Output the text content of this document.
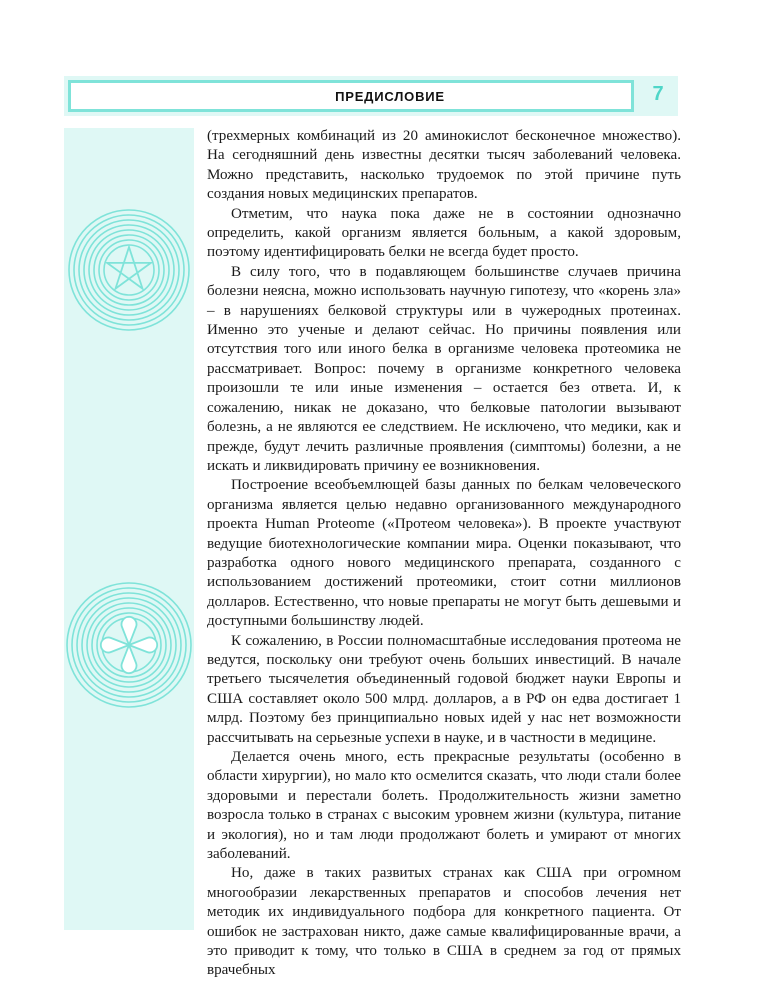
ПРЕДИСЛОВИЕ	7

(трехмерных комбинаций из 20 аминокислот бесконечное множество). На сегодняшний день известны десятки тысяч заболеваний человека. Можно представить, насколько трудоемок по этой причине путь создания новых медицинских препаратов.

Отметим, что наука пока даже не в состоянии однозначно определить, какой организм является больным, а какой здоровым, поэтому идентифицировать белки не всегда будет просто.

В силу того, что в подавляющем большинстве случаев причина болезни неясна, можно использовать научную гипотезу, что «корень зла» – в нарушениях белковой структуры или в чужеродных протеинах. Именно это ученые и делают сейчас. Но причины появления или отсутствия того или иного белка в организме человека протеомика не рассматривает. Вопрос: почему в организме конкретного человека произошли те или иные изменения – остается без ответа. И, к сожалению, никак не доказано, что белковые патологии вызывают болезнь, а не являются ее следствием. Не исключено, что медики, как и прежде, будут лечить различные проявления (симптомы) болезни, а не искать и ликвидировать причину ее возникновения.

Построение всеобъемлющей базы данных по белкам человеческого организма является целью недавно организованного международного проекта Human Proteome («Протеом человека»). В проекте участвуют ведущие биотехнологические компании мира. Оценки показывают, что разработка одного нового медицинского препарата, созданного с использованием достижений протеомики, стоит сотни миллионов долларов. Естественно, что новые препараты не могут быть дешевыми и доступными большинству людей.

К сожалению, в России полномасштабные исследования протеома не ведутся, поскольку они требуют очень больших инвестиций. В начале третьего тысячелетия объединенный годовой бюджет науки Европы и США составляет около 500 млрд. долларов, а в РФ он едва достигает 1 млрд. Поэтому без принципиально новых идей у нас нет возможности рассчитывать на серьезные успехи в науке, и в частности в медицине.

Делается очень много, есть прекрасные результаты (особенно в области хирургии), но мало кто осмелится сказать, что люди стали более здоровыми и перестали болеть. Продолжительность жизни заметно возросла только в странах с высоким уровнем жизни (культура, питание и экология), но и там люди продолжают болеть и умирают от многих заболеваний.

Но, даже в таких развитых странах как США при огромном многообразии лекарственных препаратов и способов лечения нет методик их индивидуального подбора для конкретного пациента. От ошибок не застрахован никто, даже самые квалифицированные врачи, а это приводит к тому, что только в США в среднем за год от прямых врачебных
